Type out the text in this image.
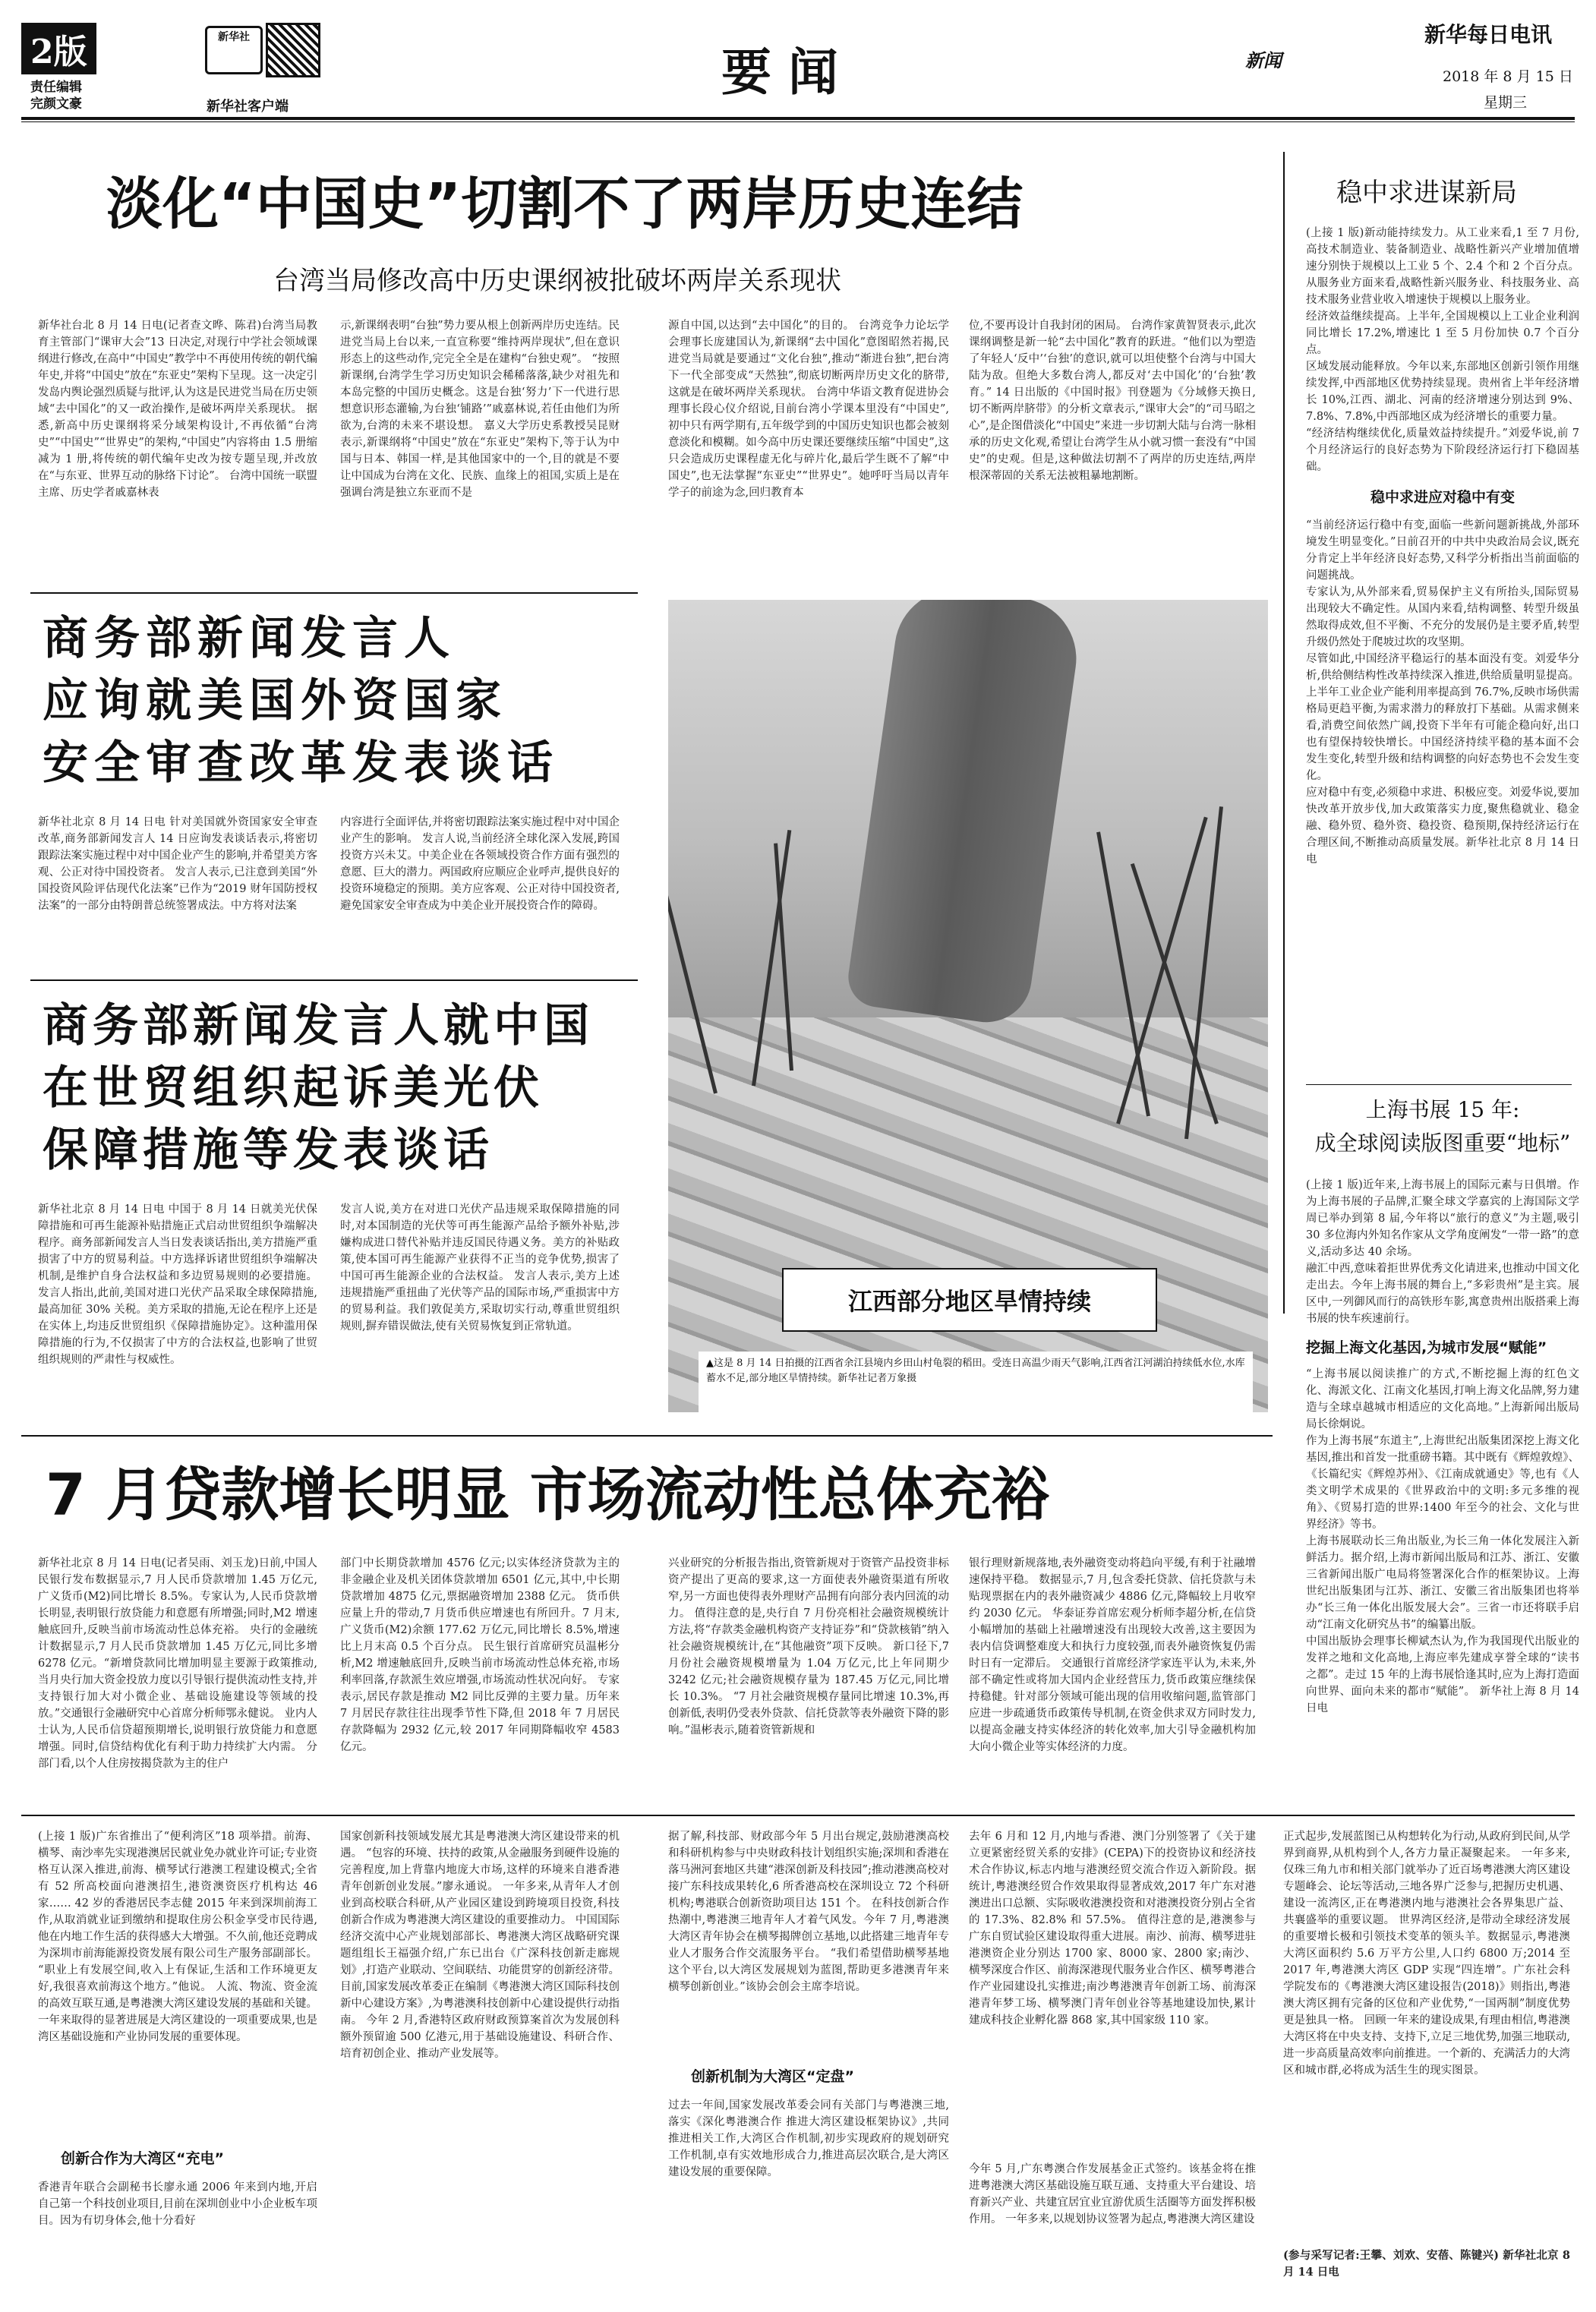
2版
责任编辑
完颜文豪
新华社
新华社客户端
要闻	新闻
新华每日电讯
2018 年 8 月 15 日
星期三
淡化“中国史”切割不了两岸历史连结
台湾当局修改高中历史课纲被批破坏两岸关系现状
新华社台北 8 月 14 日电(记者查文晔、陈君)台湾当局教育主管部门“课审大会”13 日决定,对现行中学社会领域课纲进行修改,在高中“中国史”教学中不再使用传统的朝代编年史,并将“中国史”放在“东亚史”架构下呈现。这一决定引发岛内舆论强烈质疑与批评,认为这是民进党当局在历史领域“去中国化”的又一政治操作,是破坏两岸关系现状。 据悉,新高中历史课纲将采分域架构设计,不再依循“台湾史”“中国史”“世界史”的架构,“中国史”内容将由 1.5 册缩减为 1 册,将传统的朝代编年史改为按专题呈现,并改放在“与东亚、世界互动的脉络下讨论”。 台湾中国统一联盟主席、历史学者戚嘉林表
示,新课纲表明“台独”势力要从根上创新两岸历史连结。民进党当局上台以来,一直宣称要“维持两岸现状”,但在意识形态上的这些动作,完完全全是在建构“台独史观”。 “按照新课纲,台湾学生学习历史知识会稀稀落落,缺少对祖先和本岛完整的中国历史概念。这是台独‘努力’下一代进行思想意识形态灌输,为台独‘铺路’”戚嘉林说,若任由他们为所欲为,台湾的未来不堪设想。 嘉义大学历史系教授吴昆财表示,新课纲将“中国史”放在“东亚史”架构下,等于认为中国与日本、韩国一样,是其他国家中的一个,目的就是不要让中国成为台湾在文化、民族、血缘上的祖国,实质上是在强调台湾是独立东亚而不是
源自中国,以达到“去中国化”的目的。 台湾竞争力论坛学会理事长庞建国认为,新课纲“去中国化”意图昭然若揭,民进党当局就是要通过“文化台独”,推动“渐进台独”,把台湾下一代全部变成“天然独”,彻底切断两岸历史文化的脐带,这就是在破坏两岸关系现状。 台湾中华语文教育促进协会理事长段心仪介绍说,目前台湾小学课本里没有“中国史”,初中只有两学期有,五年级学到的中国历史知识也都会被刻意淡化和模糊。如今高中历史课还要继续压缩“中国史”,这只会造成历史课程虚无化与碎片化,最后学生既不了解“中国史”,也无法掌握“东亚史”“世界史”。她呼吁当局以青年学子的前途为念,回归教育本
位,不要再设计自我封闭的困局。 台湾作家黄智贤表示,此次课纲调整是新一轮“去中国化”教育的跃进。“他们以为塑造了年轻人‘反中’‘台独’的意识,就可以坦使整个台湾与中国大陆为敌。但绝大多数台湾人,都反对‘去中国化’的‘台独’教育。” 14 日出版的《中国时报》刊登题为《分域修天换日,切不断两岸脐带》的分析文章表示,“课审大会”的“司马昭之心”,是企图借淡化“中国史”来进一步切割大陆与台湾一脉相承的历史文化观,希望让台湾学生从小就习惯一套没有“中国史”的史观。但是,这种做法切割不了两岸的历史连结,两岸根深蒂固的关系无法被粗暴地割断。
稳中求进谋新局

(上接 1 版)新动能持续发力。从工业来看,1 至 7 月份,高技术制造业、装备制造业、战略性新兴产业增加值增速分别快于规模以上工业 5 个、2.4 个和 2 个百分点。从服务业方面来看,战略性新兴服务业、科技服务业、高技术服务业营业收入增速快于规模以上服务业。

经济效益继续提高。上半年,全国规模以上工业企业利润同比增长 17.2%,增速比 1 至 5 月份加快 0.7 个百分点。

区域发展动能释放。今年以来,东部地区创新引领作用继续发挥,中西部地区优势持续显现。贵州省上半年经济增长 10%,江西、湖北、河南的经济增速分别达到 9%、7.8%、7.8%,中西部地区成为经济增长的重要力量。

“经济结构继续优化,质量效益持续提升。”刘爱华说,前 7 个月经济运行的良好态势为下阶段经济运行打下稳固基础。

稳中求进应对稳中有变

“当前经济运行稳中有变,面临一些新问题新挑战,外部环境发生明显变化。”日前召开的中共中央政治局会议,既充分肯定上半年经济良好态势,又科学分析指出当前面临的问题挑战。

专家认为,从外部来看,贸易保护主义有所抬头,国际贸易出现较大不确定性。从国内来看,结构调整、转型升级虽然取得成效,但不平衡、不充分的发展仍是主要矛盾,转型升级仍然处于爬坡过坎的攻坚期。

尽管如此,中国经济平稳运行的基本面没有变。刘爱华分析,供给侧结构性改革持续深入推进,供给质量明显提高。上半年工业企业产能利用率提高到 76.7%,反映市场供需格局更趋平衡,为需求潜力的释放打下基础。从需求侧来看,消费空间依然广阔,投资下半年有可能企稳向好,出口也有望保持较快增长。中国经济持续平稳的基本面不会发生变化,转型升级和结构调整的向好态势也不会发生变化。

应对稳中有变,必须稳中求进、积极应变。刘爱华说,要加快改革开放步伐,加大政策落实力度,聚焦稳就业、稳金融、稳外贸、稳外资、稳投资、稳预期,保持经济运行在合理区间,不断推动高质量发展。新华社北京 8 月 14 日电

商务部新闻发言人
应询就美国外资国家
安全审查改革发表谈话
新华社北京 8 月 14 日电 针对美国就外资国家安全审查改革,商务部新闻发言人 14 日应询发表谈话表示,将密切跟踪法案实施过程中对中国企业产生的影响,并希望美方客观、公正对待中国投资者。 发言人表示,已注意到美国“外国投资风险评估现代化法案”已作为“2019 财年国防授权法案”的一部分由特朗普总统签署成法。中方将对法案
内容进行全面评估,并将密切跟踪法案实施过程中对中国企业产生的影响。 发言人说,当前经济全球化深入发展,跨国投资方兴未艾。中美企业在各领域投资合作方面有强烈的意愿、巨大的潜力。两国政府应顺应企业呼声,提供良好的投资环境稳定的预期。美方应客观、公正对待中国投资者,避免国家安全审查成为中美企业开展投资合作的障碍。
商务部新闻发言人就中国
在世贸组织起诉美光伏
保障措施等发表谈话
新华社北京 8 月 14 日电 中国于 8 月 14 日就美光伏保障措施和可再生能源补贴措施正式启动世贸组织争端解决程序。商务部新闻发言人当日发表谈话指出,美方措施严重损害了中方的贸易利益。中方选择诉诸世贸组织争端解决机制,是维护自身合法权益和多边贸易规则的必要措施。 发言人指出,此前,美国对进口光伏产品采取全球保障措施,最高加征 30% 关税。美方采取的措施,无论在程序上还是在实体上,均违反世贸组织《保障措施协定》。这种滥用保障措施的行为,不仅损害了中方的合法权益,也影响了世贸组织规则的严肃性与权威性。
发言人说,美方在对进口光伏产品违规采取保障措施的同时,对本国制造的光伏等可再生能源产品给予额外补贴,涉嫌构成进口替代补贴并违反国民待遇义务。美方的补贴政策,使本国可再生能源产业获得不正当的竞争优势,损害了中国可再生能源企业的合法权益。 发言人表示,美方上述违规措施严重扭曲了光伏等产品的国际市场,严重损害中方的贸易利益。我们敦促美方,采取切实行动,尊重世贸组织规则,摒弃错误做法,使有关贸易恢复到正常轨道。
江西部分地区旱情持续
▲这是 8 月 14 日拍摄的江西省余江县境内乡田山村龟裂的稻田。受连日高温少雨天气影响,江西省江河湖泊持续低水位,水库蓄水不足,部分地区旱情持续。新华社记者万象摄
上海书展 15 年:
成全球阅读版图重要“地标”

(上接 1 版)近年来,上海书展上的国际元素与日俱增。作为上海书展的子品牌,汇聚全球文学嘉宾的上海国际文学周已举办到第 8 届,今年将以“旅行的意义”为主题,吸引 30 多位海内外知名作家从文学角度阐发“一带一路”的意义,活动多达 40 余场。

融汇中西,意味着拒世界优秀文化请进来,也推动中国文化走出去。今年上海书展的舞台上,“多彩贵州”是主宾。展区中,一列御风而行的高铁形车影,寓意贵州出版搭乘上海书展的快车疾速前行。

挖掘上海文化基因,为城市发展“赋能”

“上海书展以阅读推广的方式,不断挖掘上海的红色文化、海派文化、江南文化基因,打响上海文化品牌,努力建造与全球卓越城市相适应的文化高地。”上海新闻出版局局长徐炯说。

作为上海书展“东道主”,上海世纪出版集团深挖上海文化基因,推出和首发一批重磅书籍。其中既有《辉煌敦煌》、《长篇纪实《辉煌苏州》、《江南成就通史》等,也有《人类文明学术成果的《世界政治中的文明:多元多维的视角》、《贸易打造的世界:1400 年至今的社会、文化与世界经济》等书。

上海书展联动长三角出版业,为长三角一体化发展注入新鲜活力。据介绍,上海市新闻出版局和江苏、浙江、安徽三省新闻出版广电局将签署深化合作的框架协议。上海世纪出版集团与江苏、浙江、安徽三省出版集团也将举办“长三角一体化出版发展大会”。三省一市还将联手启动“江南文化研究丛书”的编纂出版。

中国出版协会理事长柳斌杰认为,作为我国现代出版业的发祥之地和文化高地,上海应率先建成享誉全球的“读书之都”。走过 15 年的上海书展恰逢其时,应为上海打造面向世界、面向未来的都市“赋能”。 新华社上海 8 月 14 日电

7 月贷款增长明显 市场流动性总体充裕
新华社北京 8 月 14 日电(记者吴雨、刘玉龙)日前,中国人民银行发布数据显示,7 月人民币贷款增加 1.45 万亿元,广义货币(M2)同比增长 8.5%。专家认为,人民币贷款增长明显,表明银行放贷能力和意愿有所增强;同时,M2 增速触底回升,反映当前市场流动性总体充裕。 央行的金融统计数据显示,7 月人民币贷款增加 1.45 万亿元,同比多增 6278 亿元。“新增贷款同比增加明显主要源于政策推动,当月央行加大资金投放力度以引导银行提供流动性支持,并支持银行加大对小微企业、基础设施建设等领域的投放。”交通银行金融研究中心首席分析师鄂永健说。 业内人士认为,人民币信贷超预期增长,说明银行放贷能力和意愿增强。同时,信贷结构优化有利于助力持续扩大内需。 分部门看,以个人住房按揭贷款为主的住户
部门中长期贷款增加 4576 亿元;以实体经济贷款为主的非金融企业及机关团体贷款增加 6501 亿元,其中,中长期贷款增加 4875 亿元,票据融资增加 2388 亿元。 货币供应量上升的带动,7 月货币供应增速也有所回升。7 月末,广义货币(M2)余额 177.62 万亿元,同比增长 8.5%,增速比上月末高 0.5 个百分点。 民生银行首席研究员温彬分析,M2 增速触底回升,反映当前市场流动性总体充裕,市场利率回落,存款派生效应增强,市场流动性状况向好。 专家表示,居民存款是推动 M2 同比反弹的主要力量。历年来 7 月居民存款往往出现季节性下降,但 2018 年 7 月居民存款降幅为 2932 亿元,较 2017 年同期降幅收窄 4583 亿元。
兴业研究的分析报告指出,资管新规对于资管产品投资非标资产提出了更高的要求,这一方面使表外融资渠道有所收窄,另一方面也使得表外理财产品拥有向部分表内回流的动力。 值得注意的是,央行自 7 月份亮相社会融资规模统计方法,将“存款类金融机构资产支持证券”和“贷款核销”纳入社会融资规模统计,在“其他融资”项下反映。 新口径下,7 月份社会融资规模增量为 1.04 万亿元,比上年同期少 3242 亿元;社会融资规模存量为 187.45 万亿元,同比增长 10.3%。 “7 月社会融资规模存量同比增速 10.3%,再创新低,表明仍受表外贷款、信托贷款等表外融资下降的影响。”温彬表示,随着资管新规和
银行理财新规落地,表外融资变动将趋向平缓,有利于社融增速保持平稳。 数据显示,7 月,包含委托贷款、信托贷款与未贴现票据在内的表外融资减少 4886 亿元,降幅较上月收窄约 2030 亿元。 华泰证券首席宏观分析师李超分析,在信贷小幅增加的基础上社融增速没有出现较大改善,这主要因为表内信贷调整难度大和执行力度较强,而表外融资恢复仍需时日有一定滞后。 交通银行首席经济学家连平认为,未来,外部不确定性或将加大国内企业经营压力,货币政策应继续保持稳健。针对部分领域可能出现的信用收缩问题,监管部门应进一步疏通货币政策传导机制,在资金供求双方同时发力,以提高金融支持实体经济的转化效率,加大引导金融机构加大向小微企业等实体经济的力度。
(上接 1 版)广东省推出了“便利湾区”18 项举措。前海、横琴、南沙率先实现港澳居民就业免办就业许可证;专业资格互认深入推进,前海、横琴试行港澳工程建设模式;全省有 52 所高校面向港澳招生,港资澳资医疗机构达 46 家…… 42 岁的香港居民李志健 2015 年来到深圳前海工作,从取消就业证到缴纳和提取住房公积金享受市民待遇,他在内地工作生活的获得感大大增强。不久前,他还竞聘成为深圳市前海能源投资发展有限公司生产服务部副部长。 “职业上有发展空间,收入上有保证,生活和工作环境更友好,我很喜欢前海这个地方。”他说。 人流、物流、资金流的高效互联互通,是粤港澳大湾区建设发展的基础和关键。一年来取得的显著进展是大湾区建设的一项重要成果,也是湾区基础设施和产业协同发展的重要体现。
创新合作为大湾区“充电”
香港青年联合会副秘书长廖永通 2006 年来到内地,开启自己第一个科技创业项目,目前在深圳创业中小企业板车项目。因为有切身体会,他十分看好
国家创新科技领域发展尤其是粤港澳大湾区建设带来的机遇。 “包容的环境、扶持的政策,从金融服务到硬件设施的完善程度,加上背靠内地庞大市场,这样的环境来自港香港青年创新创业发展。”廖永通说。 一年多来,从青年人才创业到高校联合科研,从产业园区建设到跨境项目投资,科技创新合作成为粤港澳大湾区建设的重要推动力。 中国国际经济交流中心产业规划部部长、粤港澳大湾区战略研究课题组组长王福强介绍,广东已出台《广深科技创新走廊规划》,打造产业联动、空间联结、功能贯穿的创新经济带。目前,国家发展改革委正在编制《粤港澳大湾区国际科技创新中心建设方案》,为粤港澳科技创新中心建设提供行动指南。 今年 2 月,香港特区政府财政预算案首次为发展创科额外预留逾 500 亿港元,用于基础设施建设、科研合作、培育初创企业、推动产业发展等。
据了解,科技部、财政部今年 5 月出台规定,鼓励港澳高校和科研机构参与中央财政科技计划组织实施;深圳和香港在落马洲河套地区共建“港深创新及科技园”;推动港澳高校对接广东科技成果转化,6 所香港高校在深圳设立 72 个科研机构;粤港联合创新资助项目达 151 个。 在科技创新合作热潮中,粤港澳三地青年人才着气风发。今年 7 月,粤港澳大湾区青年协会在横琴揭牌创立基地,以此搭建三地青年专业人才服务合作交流服务平台。 “我们希望借助横琴基地这个平台,以大湾区发展规划为蓝图,帮助更多港澳青年来横琴创新创业。”该协会创会主席李培说。
创新机制为大湾区“定盘”
过去一年间,国家发展改革委会同有关部门与粤港澳三地,落实《深化粤港澳合作 推进大湾区建设框架协议》,共同推进相关工作,大湾区合作机制,初步实现政府的规划研究工作机制,卓有实效地形成合力,推进高层次联合,是大湾区建设发展的重要保障。
去年 6 月和 12 月,内地与香港、澳门分别签署了《关于建立更紧密经贸关系的安排》(CEPA)下的投资协议和经济技术合作协议,标志内地与港澳经贸交流合作迈入新阶段。据统计,粤港澳经贸合作效果取得显著成效,2017 年广东对港澳进出口总额、实际吸收港澳投资和对港澳投资分别占全省的 17.3%、82.8% 和 57.5%。 值得注意的是,港澳参与广东自贸试验区建设取得重大进展。南沙、前海、横琴进驻港澳资企业分别达 1700 家、8000 家、2800 家;南沙、横琴深度合作区、前海深港现代服务业合作区、横琴粤港合作产业园建设扎实推进;南沙粤港澳青年创新工场、前海深港青年梦工场、横琴澳门青年创业谷等基地建设加快,累计建成科技企业孵化器 868 家,其中国家级 110 家。
今年 5 月,广东粤澳合作发展基金正式签约。该基金将在推进粤港澳大湾区基础设施互联互通、支持重大平台建设、培育新兴产业、共建宜居宜业宜游优质生活圈等方面发挥积极作用。 一年多来,以规划协议签署为起点,粤港澳大湾区建设
正式起步,发展蓝图已从构想转化为行动,从政府到民间,从学界到商界,从机构到个人,各方力量正凝聚起来。 一年多来,仅珠三角九市和相关部门就举办了近百场粤港澳大湾区建设专题峰会、论坛等活动,三地各界广泛参与,把握历史机遇、建设一流湾区,正在粤港澳内地与港澳社会各界集思广益、共襄盛举的重要议题。 世界湾区经济,是带动全球经济发展的重要增长极和引领技术变革的领头羊。数据显示,粤港澳大湾区面积约 5.6 万平方公里,人口约 6800 万;2014 至 2017 年,粤港澳大湾区 GDP 实现“四连增”。广东社会科学院发布的《粤港澳大湾区建设报告(2018)》则指出,粤港澳大湾区拥有完备的区位和产业优势,“一国两制”制度优势更是独具一格。 回顾一年来的建设成果,有理由相信,粤港澳大湾区将在中央支持、支持下,立足三地优势,加强三地联动,进一步高质量高效率向前推进。一个新的、充满活力的大湾区和城市群,必将成为活生生的现实图景。
(参与采写记者:王攀、刘欢、安蓓、陈键兴) 新华社北京 8 月 14 日电
